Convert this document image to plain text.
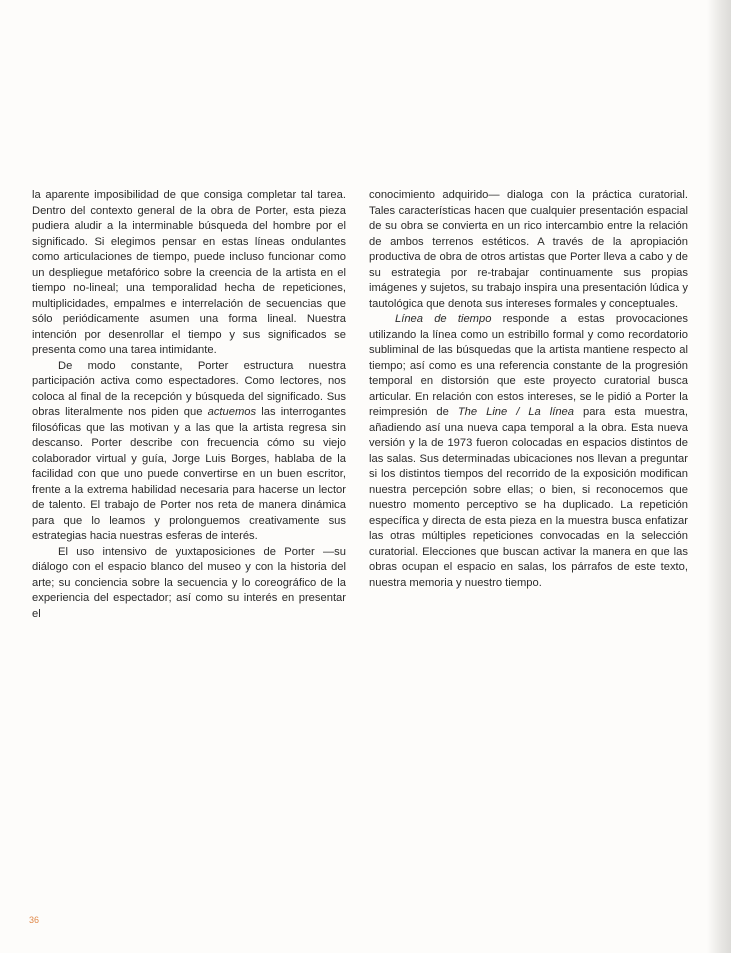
la aparente imposibilidad de que consiga completar tal tarea. Dentro del contexto general de la obra de Porter, esta pieza pudiera aludir a la interminable búsqueda del hombre por el significado. Si elegimos pensar en estas líneas ondulantes como articulaciones de tiempo, puede incluso funcionar como un despliegue metafórico sobre la creencia de la artista en el tiempo no-lineal; una temporalidad hecha de repeticiones, multiplicidades, empalmes e interrelación de secuencias que sólo periódicamente asumen una forma lineal. Nuestra intención por desenrollar el tiempo y sus significados se presenta como una tarea intimidante.

De modo constante, Porter estructura nuestra participación activa como espectadores. Como lectores, nos coloca al final de la recepción y búsqueda del significado. Sus obras literalmente nos piden que actuemos las interrogantes filosóficas que las motivan y a las que la artista regresa sin descanso. Porter describe con frecuencia cómo su viejo colaborador virtual y guía, Jorge Luis Borges, hablaba de la facilidad con que uno puede convertirse en un buen escritor, frente a la extrema habilidad necesaria para hacerse un lector de talento. El trabajo de Porter nos reta de manera dinámica para que lo leamos y prolonguemos creativamente sus estrategias hacia nuestras esferas de interés.

El uso intensivo de yuxtaposiciones de Porter —su diálogo con el espacio blanco del museo y con la historia del arte; su conciencia sobre la secuencia y lo coreográfico de la experiencia del espectador; así como su interés en presentar el

conocimiento adquirido— dialoga con la práctica curatorial. Tales características hacen que cualquier presentación espacial de su obra se convierta en un rico intercambio entre la relación de ambos terrenos estéticos. A través de la apropiación productiva de obra de otros artistas que Porter lleva a cabo y de su estrategia por re-trabajar continuamente sus propias imágenes y sujetos, su trabajo inspira una presentación lúdica y tautológica que denota sus intereses formales y conceptuales.

Línea de tiempo responde a estas provocaciones utilizando la línea como un estribillo formal y como recordatorio subliminal de las búsquedas que la artista mantiene respecto al tiempo; así como es una referencia constante de la progresión temporal en distorsión que este proyecto curatorial busca articular. En relación con estos intereses, se le pidió a Porter la reimpresión de The Line / La línea para esta muestra, añadiendo así una nueva capa temporal a la obra. Esta nueva versión y la de 1973 fueron colocadas en espacios distintos de las salas. Sus determinadas ubicaciones nos llevan a preguntar si los distintos tiempos del recorrido de la exposición modifican nuestra percepción sobre ellas; o bien, si reconocemos que nuestro momento perceptivo se ha duplicado. La repetición específica y directa de esta pieza en la muestra busca enfatizar las otras múltiples repeticiones convocadas en la selección curatorial. Elecciones que buscan activar la manera en que las obras ocupan el espacio en salas, los párrafos de este texto, nuestra memoria y nuestro tiempo.

36
